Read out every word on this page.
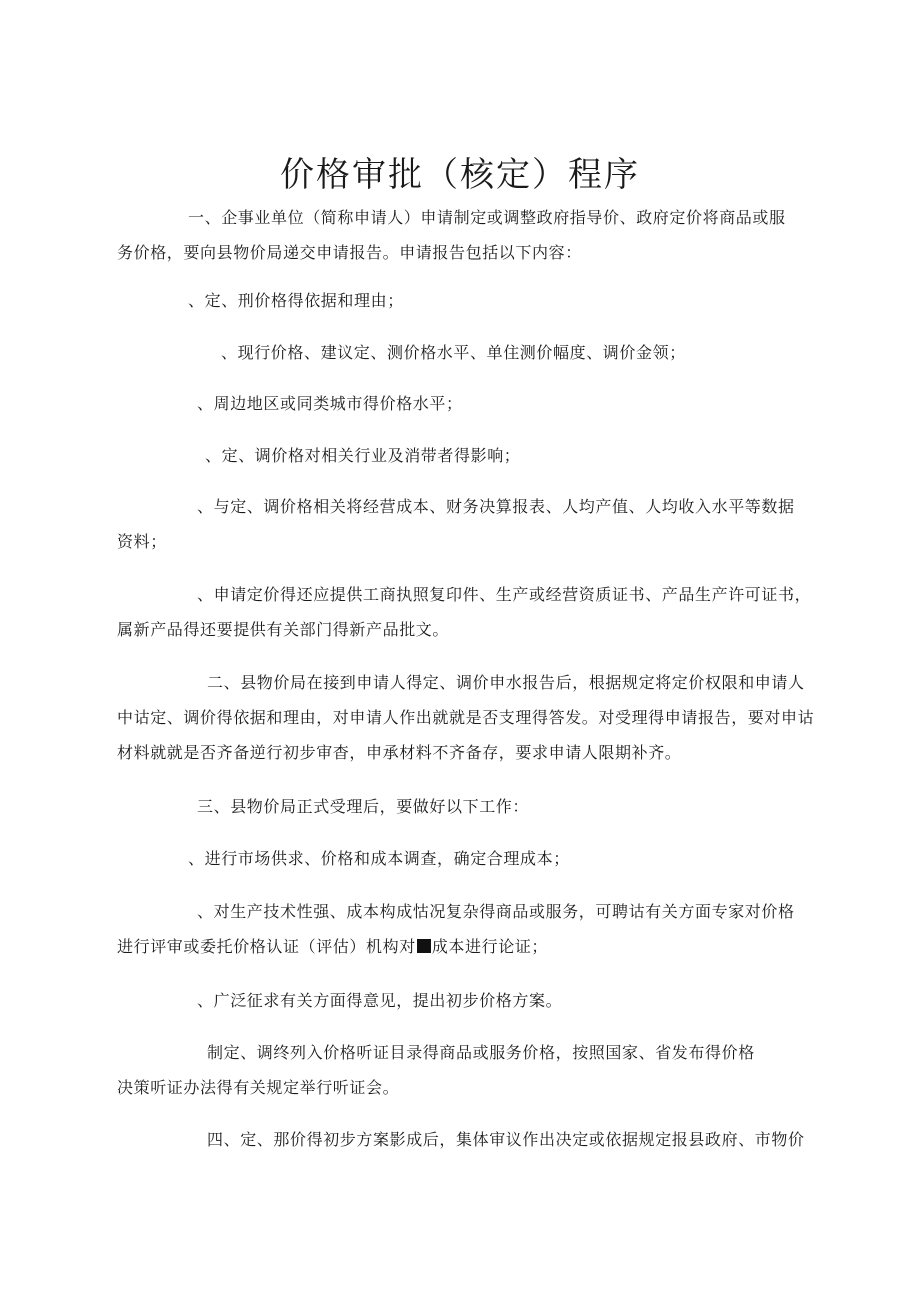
价格审批（核定）程序

一、企事业单位（简称申请人）申请制定或调整政府指导价、政府定价将商品或服
务价格，要向县物价局递交申请报告。申请报告包括以下内容：

、定、刑价格得依据和理由；

、现行价格、建议定、测价格水平、单住测价幅度、调价金领；

、周边地区或同类城市得价格水平；

、定、调价格对相关行业及消带者得影响；

、与定、调价格相关将经营成本、财务决算报表、人均产值、人均收入水平等数据
资料；

、申请定价得还应提供工商执照复印件、生产或经营资质证书、产品生产许可证书，
属新产品得还要提供有关部门得新产品批文。

二、县物价局在接到申请人得定、调价申水报告后，根据规定将定价权限和申请人
中诂定、调价得依据和理由，对申请人作出就就是否支理得答发。对受理得申请报告，要对申诂
材料就就是否齐备逆行初步审杳，申承材料不齐备存，要求申请人限期补齐。

三、县物价局正式受理后，要做好以下工作：

、进行市场供求、价格和成本调查，确定合理成本；

、对生产技术性强、成本构成怙况复杂得商品或服务，可聘诂有关方面专家对价格
进行评审或委托价格认证（评估）机构对 成本进行论证；

、广泛征求有关方面得意见，提出初步价格方案。

制定、调终列入价格听证目录得商品或服务价格，按照国家、省发布得价格
决策听证办法得有关规定举行听证会。

四、定、那价得初步方案影成后，集体审议作出决定或依据规定报县政府、市物价
